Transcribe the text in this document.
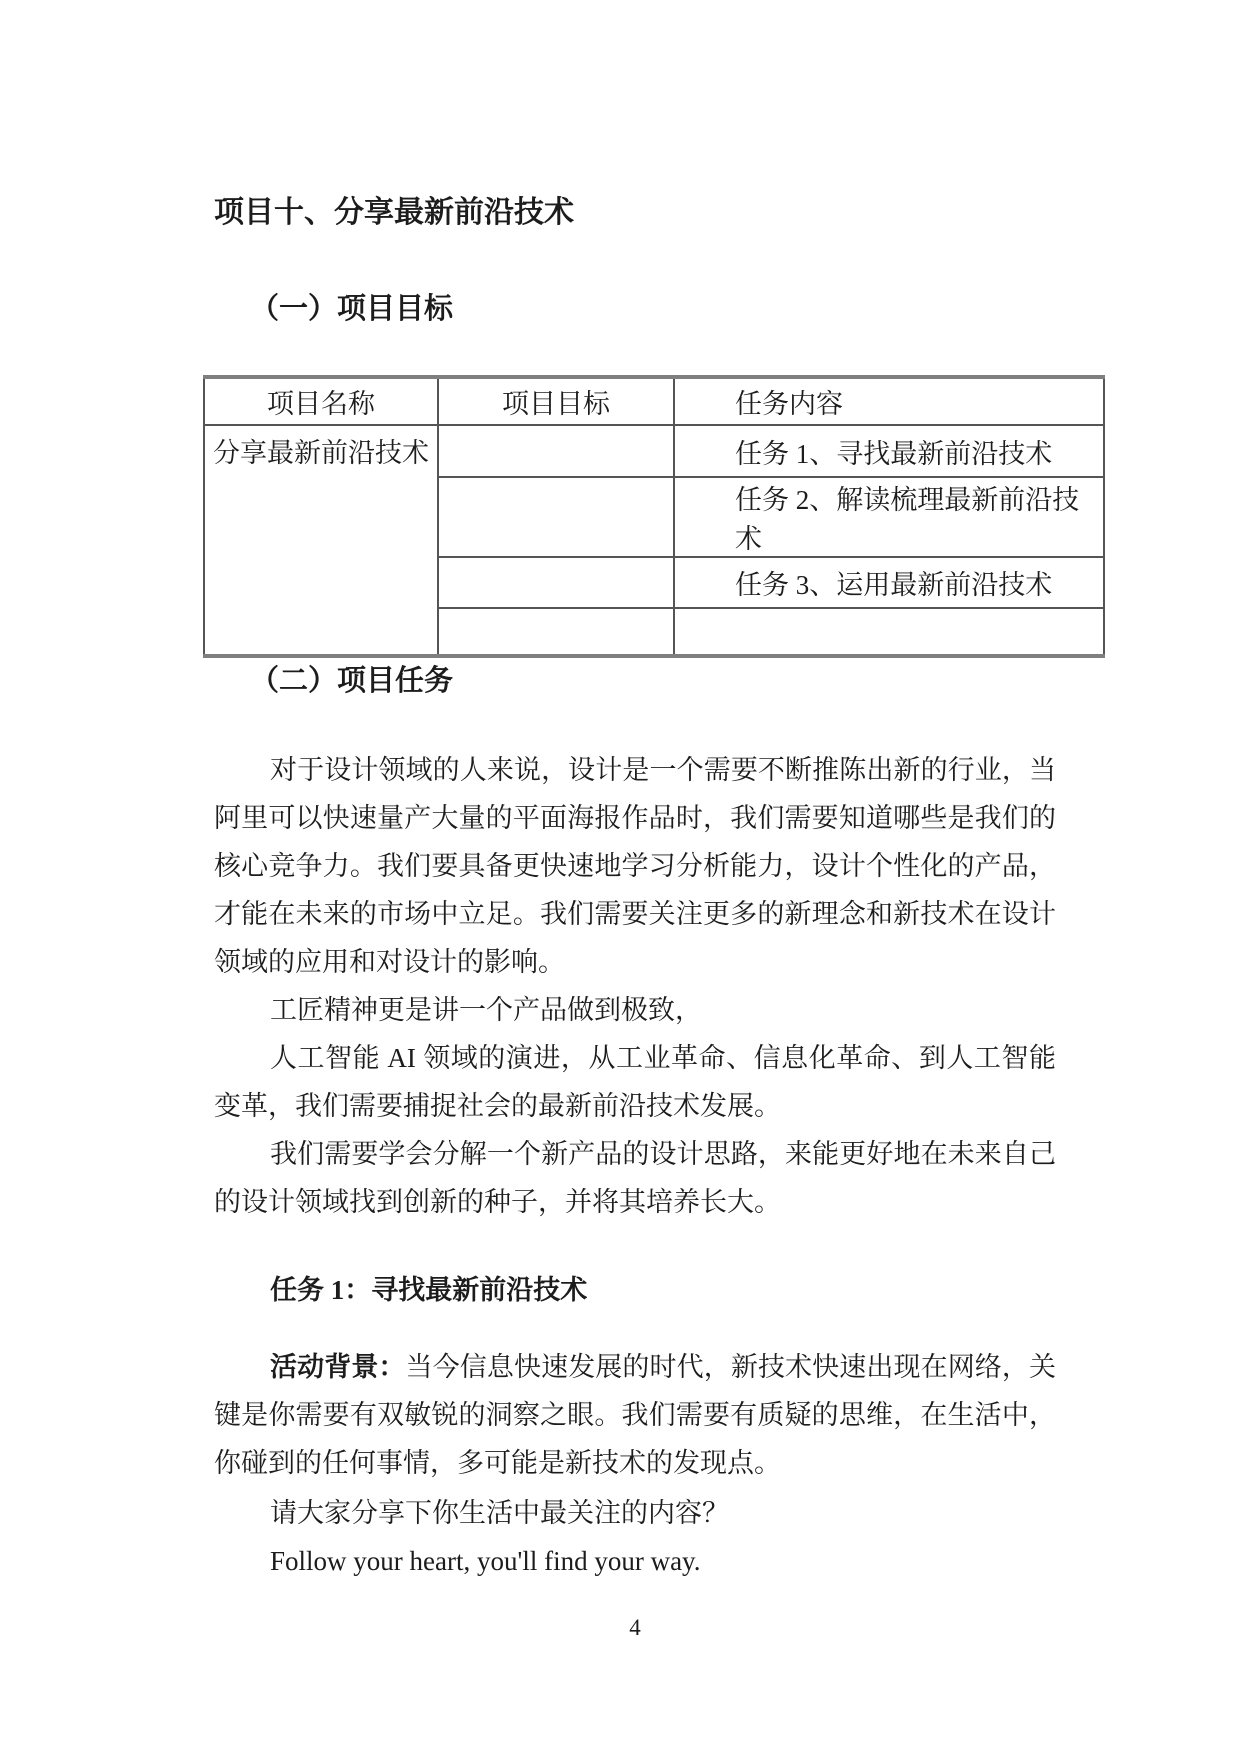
项目十、分享最新前沿技术
（一）项目目标
项目名称	项目目标	任务内容
分享最新前沿技术		任务 1、寻找最新前沿技术
		任务 2、解读梳理最新前沿技术
		任务 3、运用最新前沿技术

（二）项目任务

对于设计领域的人来说，设计是一个需要不断推陈出新的行业，当阿里可以快速量产大量的平面海报作品时，我们需要知道哪些是我们的核心竞争力。我们要具备更快速地学习分析能力，设计个性化的产品，才能在未来的市场中立足。我们需要关注更多的新理念和新技术在设计领域的应用和对设计的影响。

工匠精神更是讲一个产品做到极致，

人工智能 AI 领域的演进，从工业革命、信息化革命、到人工智能变革，我们需要捕捉社会的最新前沿技术发展。

我们需要学会分解一个新产品的设计思路，来能更好地在未来自己的设计领域找到创新的种子，并将其培养长大。

任务 1：寻找最新前沿技术

活动背景：当今信息快速发展的时代，新技术快速出现在网络，关键是你需要有双敏锐的洞察之眼。我们需要有质疑的思维，在生活中，你碰到的任何事情，多可能是新技术的发现点。

请大家分享下你生活中最关注的内容？

Follow your heart, you'll find your way.

4
